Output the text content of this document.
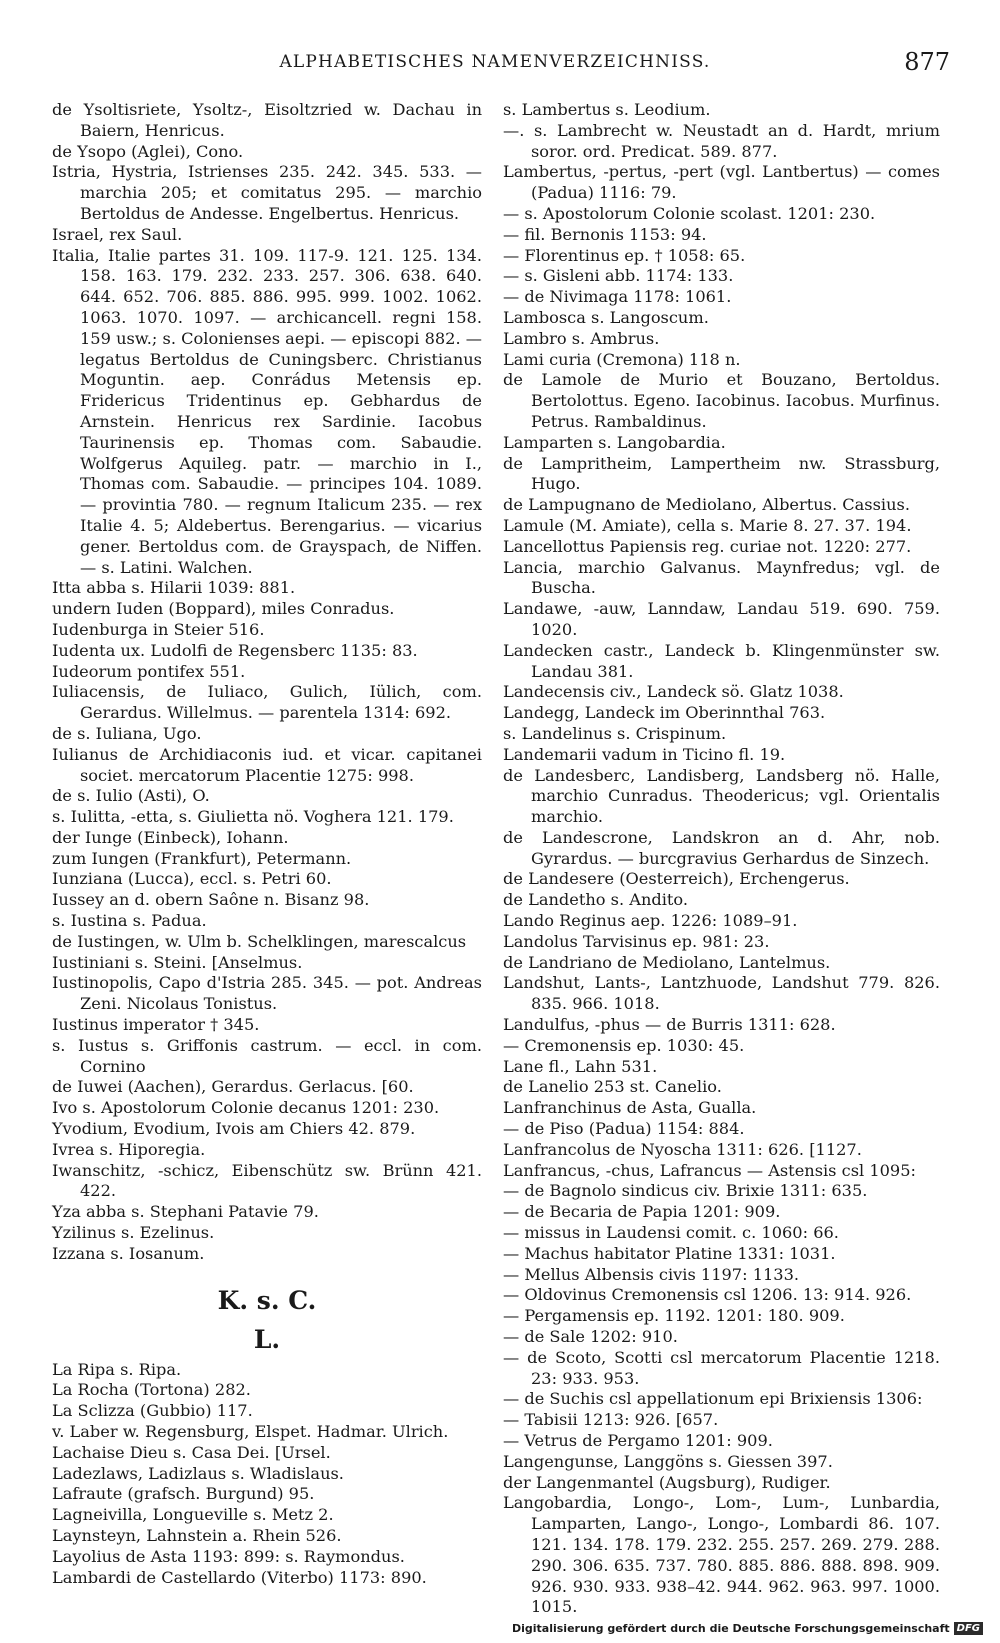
ALPHABETISCHES NAMENVERZEICHNISS.	877

de Ysoltisriete, Ysoltz-, Eisoltzried w. Dachau in Baiern, Henricus.

de Ysopo (Aglei), Cono.

Istria, Hystria, Istrienses 235. 242. 345. 533. — marchia 205; et comitatus 295. — marchio Bertoldus de Andesse. Engelbertus. Henricus.

Israel, rex Saul.

Italia, Italie partes 31. 109. 117-9. 121. 125. 134. 158. 163. 179. 232. 233. 257. 306. 638. 640. 644. 652. 706. 885. 886. 995. 999. 1002. 1062. 1063. 1070. 1097. — archicancell. regni 158. 159 usw.; s. Colonienses aepi. — episcopi 882. — legatus Bertoldus de Cuningsberc. Christianus Moguntin. aep. Conrádus Metensis ep. Fridericus Tridentinus ep. Gebhardus de Arnstein. Henricus rex Sardinie. Iacobus Taurinensis ep. Thomas com. Sabaudie. Wolfgerus Aquileg. patr. — marchio in I., Thomas com. Sabaudie. — principes 104. 1089. — provintia 780. — regnum Italicum 235. — rex Italie 4. 5; Aldebertus. Berengarius. — vicarius gener. Bertoldus com. de Grayspach, de Niffen. — s. Latini. Walchen.

Itta abba s. Hilarii 1039: 881.

undern Iuden (Boppard), miles Conradus.

Iudenburga in Steier 516.

Iudenta ux. Ludolfi de Regensberc 1135: 83.

Iudeorum pontifex 551.

Iuliacensis, de Iuliaco, Gulich, Iülich, com. Gerardus. Willelmus. — parentela 1314: 692.

de s. Iuliana, Ugo.

Iulianus de Archidiaconis iud. et vicar. capitanei societ. mercatorum Placentie 1275: 998.

de s. Iulio (Asti), O.

s. Iulitta, -etta, s. Giulietta nö. Voghera 121. 179.

der Iunge (Einbeck), Iohann.

zum Iungen (Frankfurt), Petermann.

Iunziana (Lucca), eccl. s. Petri 60.

Iussey an d. obern Saône n. Bisanz 98.

s. Iustina s. Padua.

de Iustingen, w. Ulm b. Schelklingen, marescalcus

Iustiniani s. Steini. [Anselmus.

Iustinopolis, Capo d'Istria 285. 345. — pot. Andreas Zeni. Nicolaus Tonistus.

Iustinus imperator † 345.

s. Iustus s. Griffonis castrum. — eccl. in com. Cornino

de Iuwei (Aachen), Gerardus. Gerlacus. [60.

Ivo s. Apostolorum Colonie decanus 1201: 230.

Yvodium, Evodium, Ivois am Chiers 42. 879.

Ivrea s. Hiporegia.

Iwanschitz, -schicz, Eibenschütz sw. Brünn 421. 422.

Yza abba s. Stephani Patavie 79.

Yzilinus s. Ezelinus.

Izzana s. Iosanum.

K. s. C.

L.

La Ripa s. Ripa.

La Rocha (Tortona) 282.

La Sclizza (Gubbio) 117.

v. Laber w. Regensburg, Elspet. Hadmar. Ulrich.

Lachaise Dieu s. Casa Dei. [Ursel.

Ladezlaws, Ladizlaus s. Wladislaus.

Lafraute (grafsch. Burgund) 95.

Lagneivilla, Longueville s. Metz 2.

Laynsteyn, Lahnstein a. Rhein 526.

Layolius de Asta 1193: 899: s. Raymondus.

Lambardi de Castellardo (Viterbo) 1173: 890.

s. Lambertus s. Leodium.

—. s. Lambrecht w. Neustadt an d. Hardt, mrium soror. ord. Predicat. 589. 877.

Lambertus, -pertus, -pert (vgl. Lantbertus) — comes (Padua) 1116: 79.

— s. Apostolorum Colonie scolast. 1201: 230.

— fil. Bernonis 1153: 94.

— Florentinus ep. † 1058: 65.

— s. Gisleni abb. 1174: 133.

— de Nivimaga 1178: 1061.

Lambosca s. Langoscum.

Lambro s. Ambrus.

Lami curia (Cremona) 118 n.

de Lamole de Murio et Bouzano, Bertoldus. Bertolottus. Egeno. Iacobinus. Iacobus. Murfinus. Petrus. Rambaldinus.

Lamparten s. Langobardia.

de Lampritheim, Lampertheim nw. Strassburg, Hugo.

de Lampugnano de Mediolano, Albertus. Cassius.

Lamule (M. Amiate), cella s. Marie 8. 27. 37. 194.

Lancellottus Papiensis reg. curiae not. 1220: 277.

Lancia, marchio Galvanus. Maynfredus; vgl. de Buscha.

Landawe, -auw, Lanndaw, Landau 519. 690. 759. 1020.

Landecken castr., Landeck b. Klingenmünster sw. Landau 381.

Landecensis civ., Landeck sö. Glatz 1038.

Landegg, Landeck im Oberinnthal 763.

s. Landelinus s. Crispinum.

Landemarii vadum in Ticino fl. 19.

de Landesberc, Landisberg, Landsberg nö. Halle, marchio Cunradus. Theodericus; vgl. Orientalis marchio.

de Landescrone, Landskron an d. Ahr, nob. Gyrardus. — burcgravius Gerhardus de Sinzech.

de Landesere (Oesterreich), Erchengerus.

de Landetho s. Andito.

Lando Reginus aep. 1226: 1089–91.

Landolus Tarvisinus ep. 981: 23.

de Landriano de Mediolano, Lantelmus.

Landshut, Lants-, Lantzhuode, Landshut 779. 826. 835. 966. 1018.

Landulfus, -phus — de Burris 1311: 628.

— Cremonensis ep. 1030: 45.

Lane fl., Lahn 531.

de Lanelio 253 st. Canelio.

Lanfranchinus de Asta, Gualla.

— de Piso (Padua) 1154: 884.

Lanfrancolus de Nyoscha 1311: 626. [1127.

Lanfrancus, -chus, Lafrancus — Astensis csl 1095:

— de Bagnolo sindicus civ. Brixie 1311: 635.

— de Becaria de Papia 1201: 909.

— missus in Laudensi comit. c. 1060: 66.

— Machus habitator Platine 1331: 1031.

— Mellus Albensis civis 1197: 1133.

— Oldovinus Cremonensis csl 1206. 13: 914. 926.

— Pergamensis ep. 1192. 1201: 180. 909.

— de Sale 1202: 910.

— de Scoto, Scotti csl mercatorum Placentie 1218. 23: 933. 953.

— de Suchis csl appellationum epi Brixiensis 1306:

— Tabisii 1213: 926. [657.

— Vetrus de Pergamo 1201: 909.

Langengunse, Langgöns s. Giessen 397.

der Langenmantel (Augsburg), Rudiger.

Langobardia, Longo-, Lom-, Lum-, Lunbardia, Lamparten, Lango-, Longo-, Lombardi 86. 107. 121. 134. 178. 179. 232. 255. 257. 269. 279. 288. 290. 306. 635. 737. 780. 885. 886. 888. 898. 909. 926. 930. 933. 938–42. 944. 962. 963. 997. 1000. 1015.

Digitalisierung gefördert durch die Deutsche Forschungsgemeinschaft DFG
